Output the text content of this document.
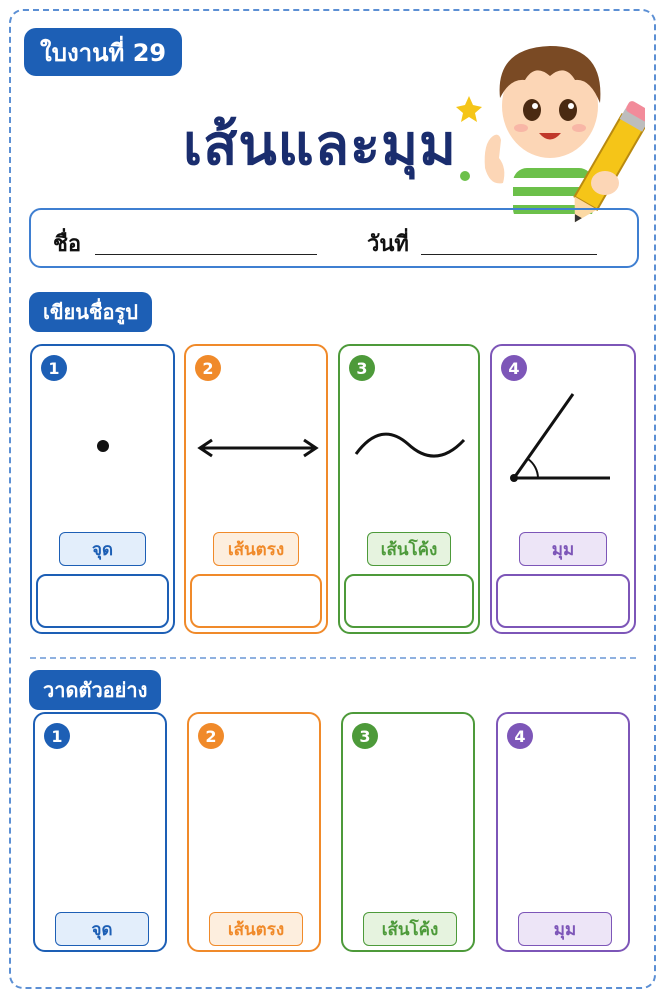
ใบงานที่ 29
เส้นและมุม
ชื่อ	วันที่
เขียนชื่อรูป
1
จุด
2
เส้นตรง
3
เส้นโค้ง
4
มุม
วาดตัวอย่าง
1
จุด
2
เส้นตรง
3
เส้นโค้ง
4
มุม
